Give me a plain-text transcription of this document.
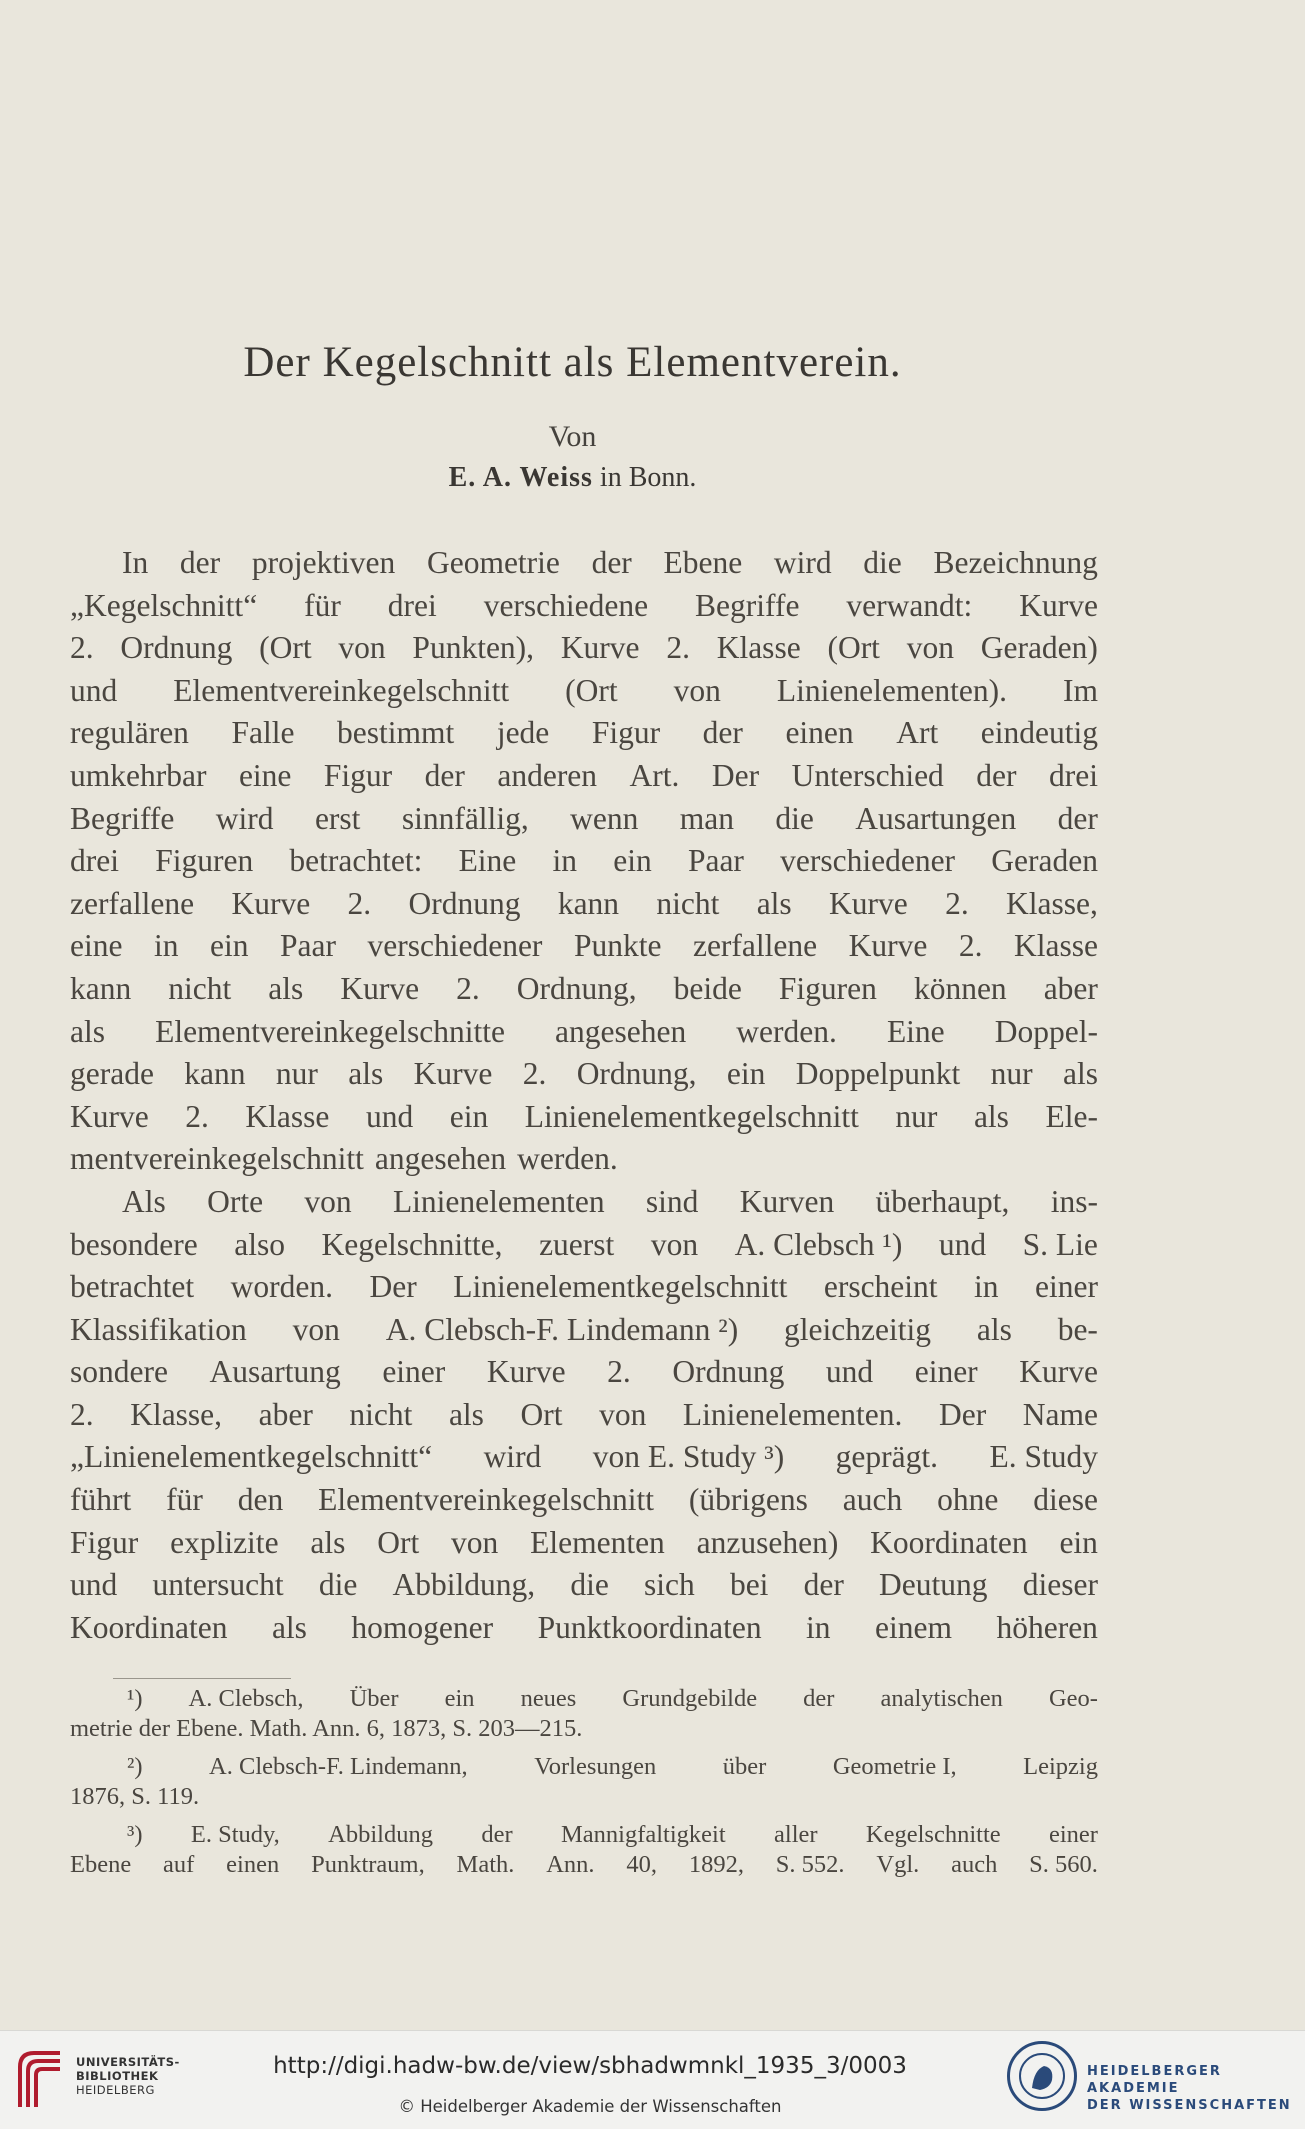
Der Kegelschnitt als Elementverein.
Von
E. A. Weiss in Bonn.
In der projektiven Geometrie der Ebene wird die Bezeichnung
„Kegelschnitt“ für drei verschiedene Begriffe verwandt: Kurve
2. Ordnung (Ort von Punkten), Kurve 2. Klasse (Ort von Geraden)
und Elementvereinkegelschnitt (Ort von Linienelementen). Im
regulären Falle bestimmt jede Figur der einen Art eindeutig
umkehrbar eine Figur der anderen Art. Der Unterschied der drei
Begriffe wird erst sinnfällig, wenn man die Ausartungen der
drei Figuren betrachtet: Eine in ein Paar verschiedener Geraden
zerfallene Kurve 2. Ordnung kann nicht als Kurve 2. Klasse,
eine in ein Paar verschiedener Punkte zerfallene Kurve 2. Klasse
kann nicht als Kurve 2. Ordnung, beide Figuren können aber
als Elementvereinkegelschnitte angesehen werden. Eine Doppel-
gerade kann nur als Kurve 2. Ordnung, ein Doppelpunkt nur als
Kurve 2. Klasse und ein Linienelementkegelschnitt nur als Ele-
mentvereinkegelschnitt angesehen werden.
Als Orte von Linienelementen sind Kurven überhaupt, ins-
besondere also Kegelschnitte, zuerst von A. Clebsch ¹) und S. Lie
betrachtet worden. Der Linienelementkegelschnitt erscheint in einer
Klassifikation von A. Clebsch-F. Lindemann ²) gleichzeitig als be-
sondere Ausartung einer Kurve 2. Ordnung und einer Kurve
2. Klasse, aber nicht als Ort von Linienelementen. Der Name
„Linienelementkegelschnitt“ wird von E. Study ³) geprägt. E. Study
führt für den Elementvereinkegelschnitt (übrigens auch ohne diese
Figur explizite als Ort von Elementen anzusehen) Koordinaten ein
und untersucht die Abbildung, die sich bei der Deutung dieser
Koordinaten als homogener Punktkoordinaten in einem höheren
¹) A. Clebsch, Über ein neues Grundgebilde der analytischen Geo-
metrie der Ebene. Math. Ann. 6, 1873, S. 203—215.
²)	A. Clebsch-F. Lindemann,	Vorlesungen	über	Geometrie I,	Leipzig
1876, S. 119.
³) E. Study, Abbildung der Mannigfaltigkeit aller Kegelschnitte einer
Ebene auf einen Punktraum, Math. Ann. 40, 1892, S. 552. Vgl. auch S. 560.
UNIVERSITÄTS-
BIBLIOTHEK
HEIDELBERG
http://digi.hadw-bw.de/view/sbhadwmnkl_1935_3/0003
© Heidelberger Akademie der Wissenschaften
HEIDELBERGER AKADEMIE
DER WISSENSCHAFTEN
